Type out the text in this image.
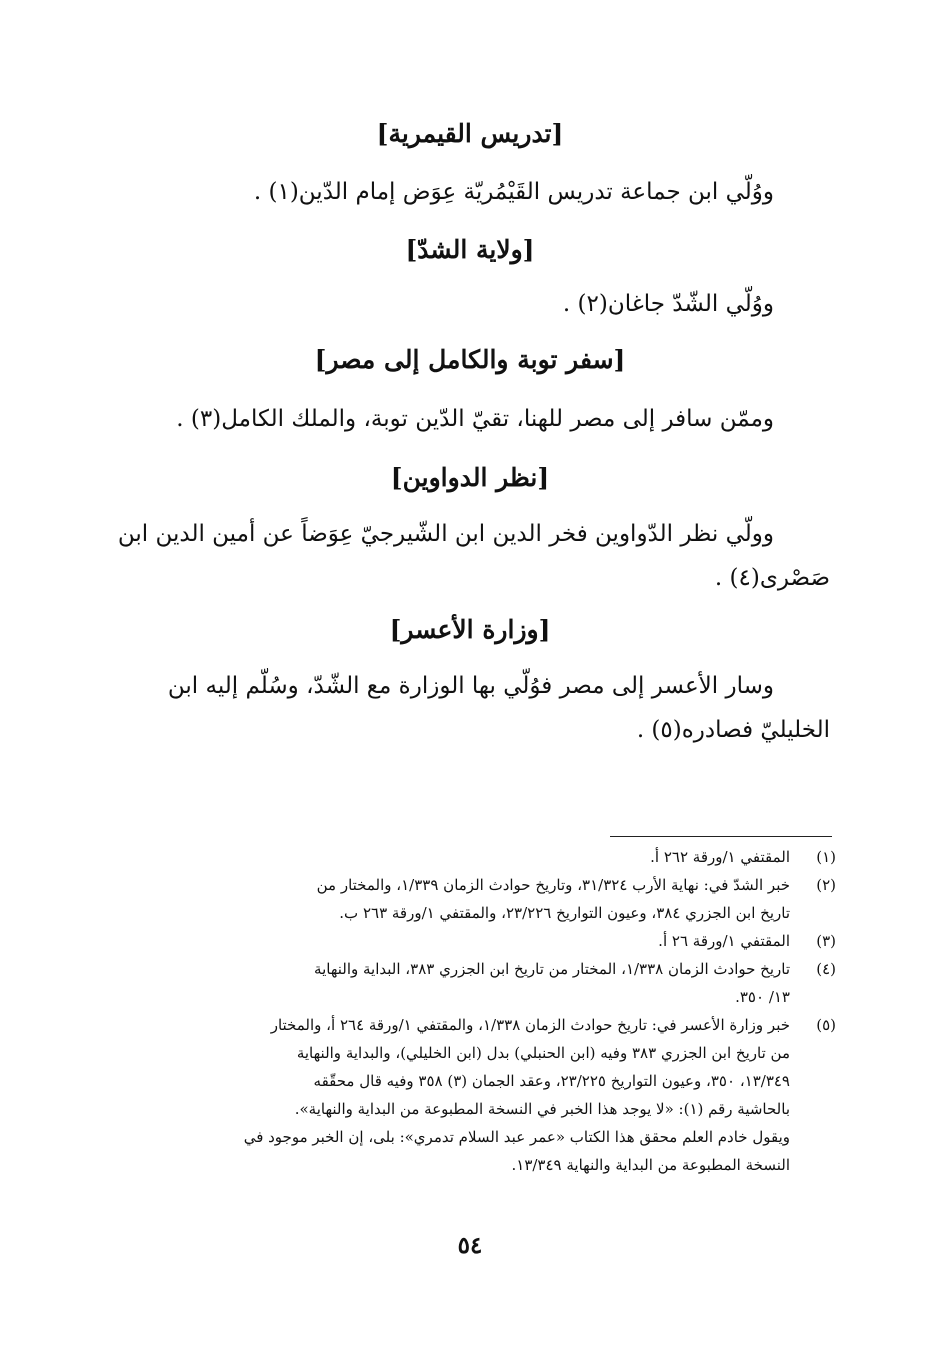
[تدريس القيمرية]
ووُلّي ابن جماعة تدريس القَيْمُريّة عِوَض إمام الدّين(١) .
[ولاية الشدّ]
ووُلّي الشّدّ جاغان(٢) .
[سفر توبة والكامل إلى مصر]
وممّن سافر إلى مصر للهنا، تقيّ الدّين توبة، والملك الكامل(٣) .
[نظر الدواوين]
وولّي نظر الدّواوين فخر الدين ابن الشّيرجيّ عِوَضاً عن أمين الدين ابن
صَصْرى(٤) .
[وزارة الأعسر]
وسار الأعسر إلى مصر فوُلّي بها الوزارة مع الشّدّ، وسُلّم إليه ابن
الخليليّ فصادره(٥) .
(١)
المقتفي ١/ورقة ٢٦٢ أ.
(٢)
خبر الشدّ في: نهاية الأرب ٣١/٣٢٤، وتاريخ حوادث الزمان ١/٣٣٩، والمختار من
تاريخ ابن الجزري ٣٨٤، وعيون التواريخ ٢٣/٢٢٦، والمقتفي ١/ورقة ٢٦٣ ب.
(٣)
المقتفي ١/ورقة ٢٦ أ.
(٤)
تاريخ حوادث الزمان ١/٣٣٨، المختار من تاريخ ابن الجزري ٣٨٣، البداية والنهاية
١٣/ ٣٥٠.
(٥)
خبر وزارة الأعسر في: تاريخ حوادث الزمان ١/٣٣٨، والمقتفي ١/ورقة ٢٦٤ أ، والمختار
من تاريخ ابن الجزري ٣٨٣ وفيه (ابن الحنبلي) بدل (ابن الخليلي)، والبداية والنهاية
١٣/٣٤٩، ٣٥٠، وعيون التواريخ ٢٣/٢٢٥، وعقد الجمان (٣) ٣٥٨ وفيه قال محقّقه
بالحاشية رقم (١): «لا يوجد هذا الخبر في النسخة المطبوعة من البداية والنهاية».
ويقول خادم العلم محقق هذا الكتاب «عمر عبد السلام تدمري»: بلى، إن الخبر موجود في
النسخة المطبوعة من البداية والنهاية ١٣/٣٤٩.
٥٤
